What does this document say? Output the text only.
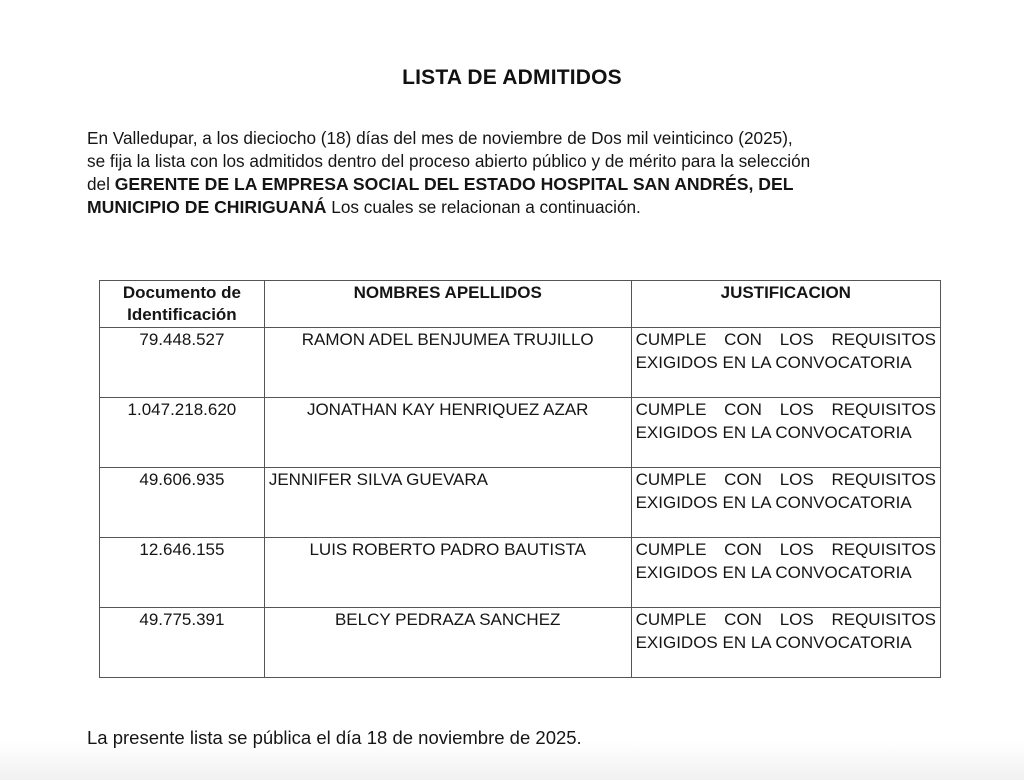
LISTA DE ADMITIDOS
En Valledupar, a los dieciocho (18) días del mes de noviembre de Dos mil veinticinco (2025),
se fija la lista con los admitidos dentro del proceso abierto público y de mérito para la selección
del GERENTE DE LA EMPRESA SOCIAL DEL ESTADO HOSPITAL SAN ANDRÉS, DEL
MUNICIPIO DE CHIRIGUANÁ Los cuales se relacionan a continuación.
Documento de Identificación	NOMBRES APELLIDOS	JUSTIFICACION
79.448.527	RAMON ADEL BENJUMEA TRUJILLO	CUMPLE CON LOS REQUISITOS EXIGIDOS EN LA CONVOCATORIA
1.047.218.620	JONATHAN KAY HENRIQUEZ AZAR	CUMPLE CON LOS REQUISITOS EXIGIDOS EN LA CONVOCATORIA
49.606.935	JENNIFER SILVA GUEVARA	CUMPLE CON LOS REQUISITOS EXIGIDOS EN LA CONVOCATORIA
12.646.155	LUIS ROBERTO PADRO BAUTISTA	CUMPLE CON LOS REQUISITOS EXIGIDOS EN LA CONVOCATORIA
49.775.391	BELCY PEDRAZA SANCHEZ	CUMPLE CON LOS REQUISITOS EXIGIDOS EN LA CONVOCATORIA
La presente lista se pública el día 18 de noviembre de 2025.
